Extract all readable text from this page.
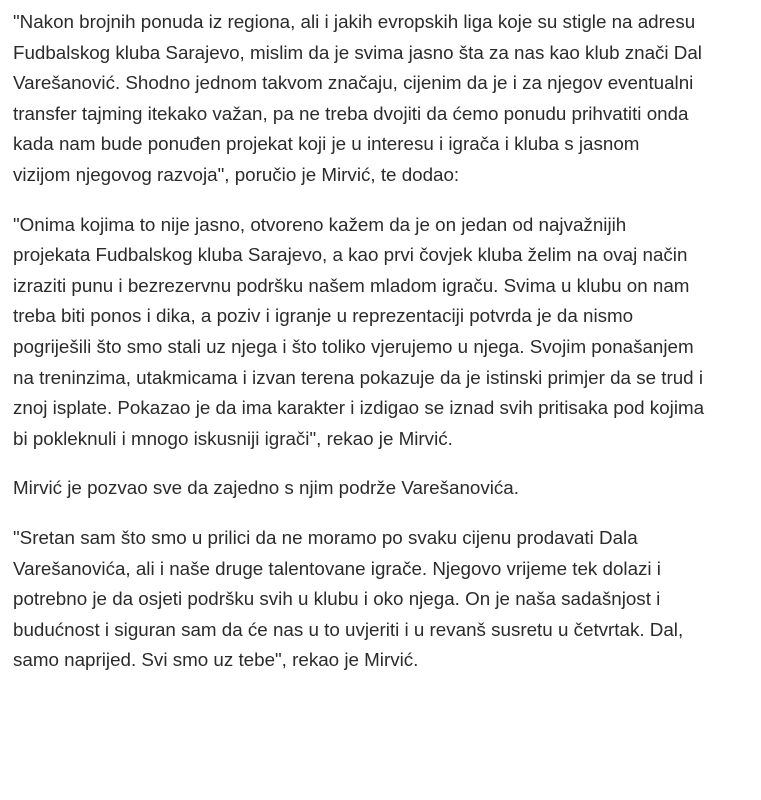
"Nakon brojnih ponuda iz regiona, ali i jakih evropskih liga koje su stigle na adresu
Fudbalskog kluba Sarajevo, mislim da je svima jasno šta za nas kao klub znači Dal
Varešanović. Shodno jednom takvom značaju, cijenim da je i za njegov eventualni
transfer tajming itekako važan, pa ne treba dvojiti da ćemo ponudu prihvatiti onda
kada nam bude ponuđen projekat koji je u interesu i igrača i kluba s jasnom
vizijom njegovog razvoja", poručio je Mirvić, te dodao:

"Onima kojima to nije jasno, otvoreno kažem da je on jedan od najvažnijih
projekata Fudbalskog kluba Sarajevo, a kao prvi čovjek kluba želim na ovaj način
izraziti punu i bezrezervnu podršku našem mladom igraču. Svima u klubu on nam
treba biti ponos i dika, a poziv i igranje u reprezentaciji potvrda je da nismo
pogriješili što smo stali uz njega i što toliko vjerujemo u njega. Svojim ponašanjem
na treninzima, utakmicama i izvan terena pokazuje da je istinski primjer da se trud i
znoj isplate. Pokazao je da ima karakter i izdigao se iznad svih pritisaka pod kojima
bi pokleknuli i mnogo iskusniji igrači", rekao je Mirvić.

Mirvić je pozvao sve da zajedno s njim podrže Varešanovića.

"Sretan sam što smo u prilici da ne moramo po svaku cijenu prodavati Dala
Varešanovića, ali i naše druge talentovane igrače. Njegovo vrijeme tek dolazi i
potrebno je da osjeti podršku svih u klubu i oko njega. On je naša sadašnjost i
budućnost i siguran sam da će nas u to uvjeriti i u revanš susretu u četvrtak. Dal,
samo naprijed. Svi smo uz tebe", rekao je Mirvić.
